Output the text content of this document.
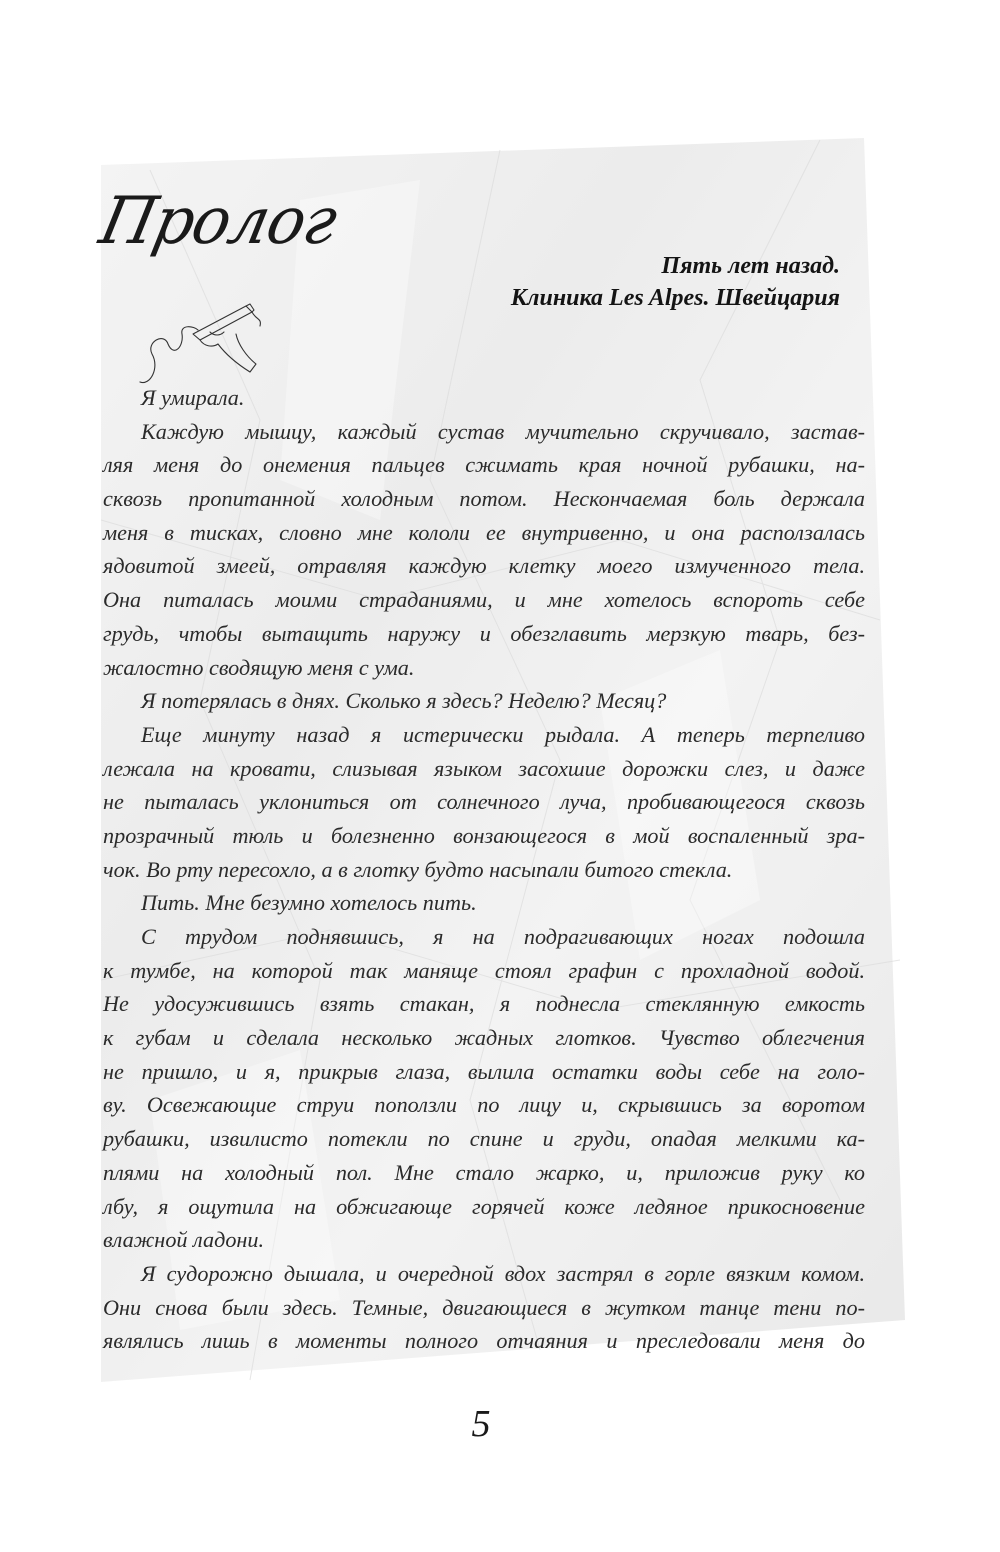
Пролог
Пять лет назад.
Клиника Les Alpes. Швейцария
Я умирала.
Каждую мышцу, каждый сустав мучительно скручивало, застав-
ляя меня до онемения пальцев сжимать края ночной рубашки, на-
сквозь пропитанной холодным потом. Нескончаемая боль держала
меня в тисках, словно мне кололи ее внутривенно, и она расползалась
ядовитой змеей, отравляя каждую клетку моего измученного тела.
Она питалась моими страданиями, и мне хотелось вспороть себе
грудь, чтобы вытащить наружу и обезглавить мерзкую тварь, без-
жалостно сводящую меня с ума.
Я потерялась в днях. Сколько я здесь? Неделю? Месяц?
Еще минуту назад я истерически рыдала. А теперь терпеливо
лежала на кровати, слизывая языком засохшие дорожки слез, и даже
не пыталась уклониться от солнечного луча, пробивающегося сквозь
прозрачный тюль и болезненно вонзающегося в мой воспаленный зра-
чок. Во рту пересохло, а в глотку будто насыпали битого стекла.
Пить. Мне безумно хотелось пить.
С трудом поднявшись, я на подрагивающих ногах подошла
к тумбе, на которой так маняще стоял графин с прохладной водой.
Не удосужившись взять стакан, я поднесла стеклянную емкость
к губам и сделала несколько жадных глотков. Чувство облегчения
не пришло, и я, прикрыв глаза, вылила остатки воды себе на голо-
ву. Освежающие струи поползли по лицу и, скрывшись за воротом
рубашки, извилисто потекли по спине и груди, опадая мелкими ка-
плями на холодный пол. Мне стало жарко, и, приложив руку ко
лбу, я ощутила на обжигающе горячей коже ледяное прикосновение
влажной ладони.
Я судорожно дышала, и очередной вдох застрял в горле вязким комом.
Они снова были здесь. Темные, двигающиеся в жутком танце тени по-
являлись лишь в моменты полного отчаяния и преследовали меня до
5
